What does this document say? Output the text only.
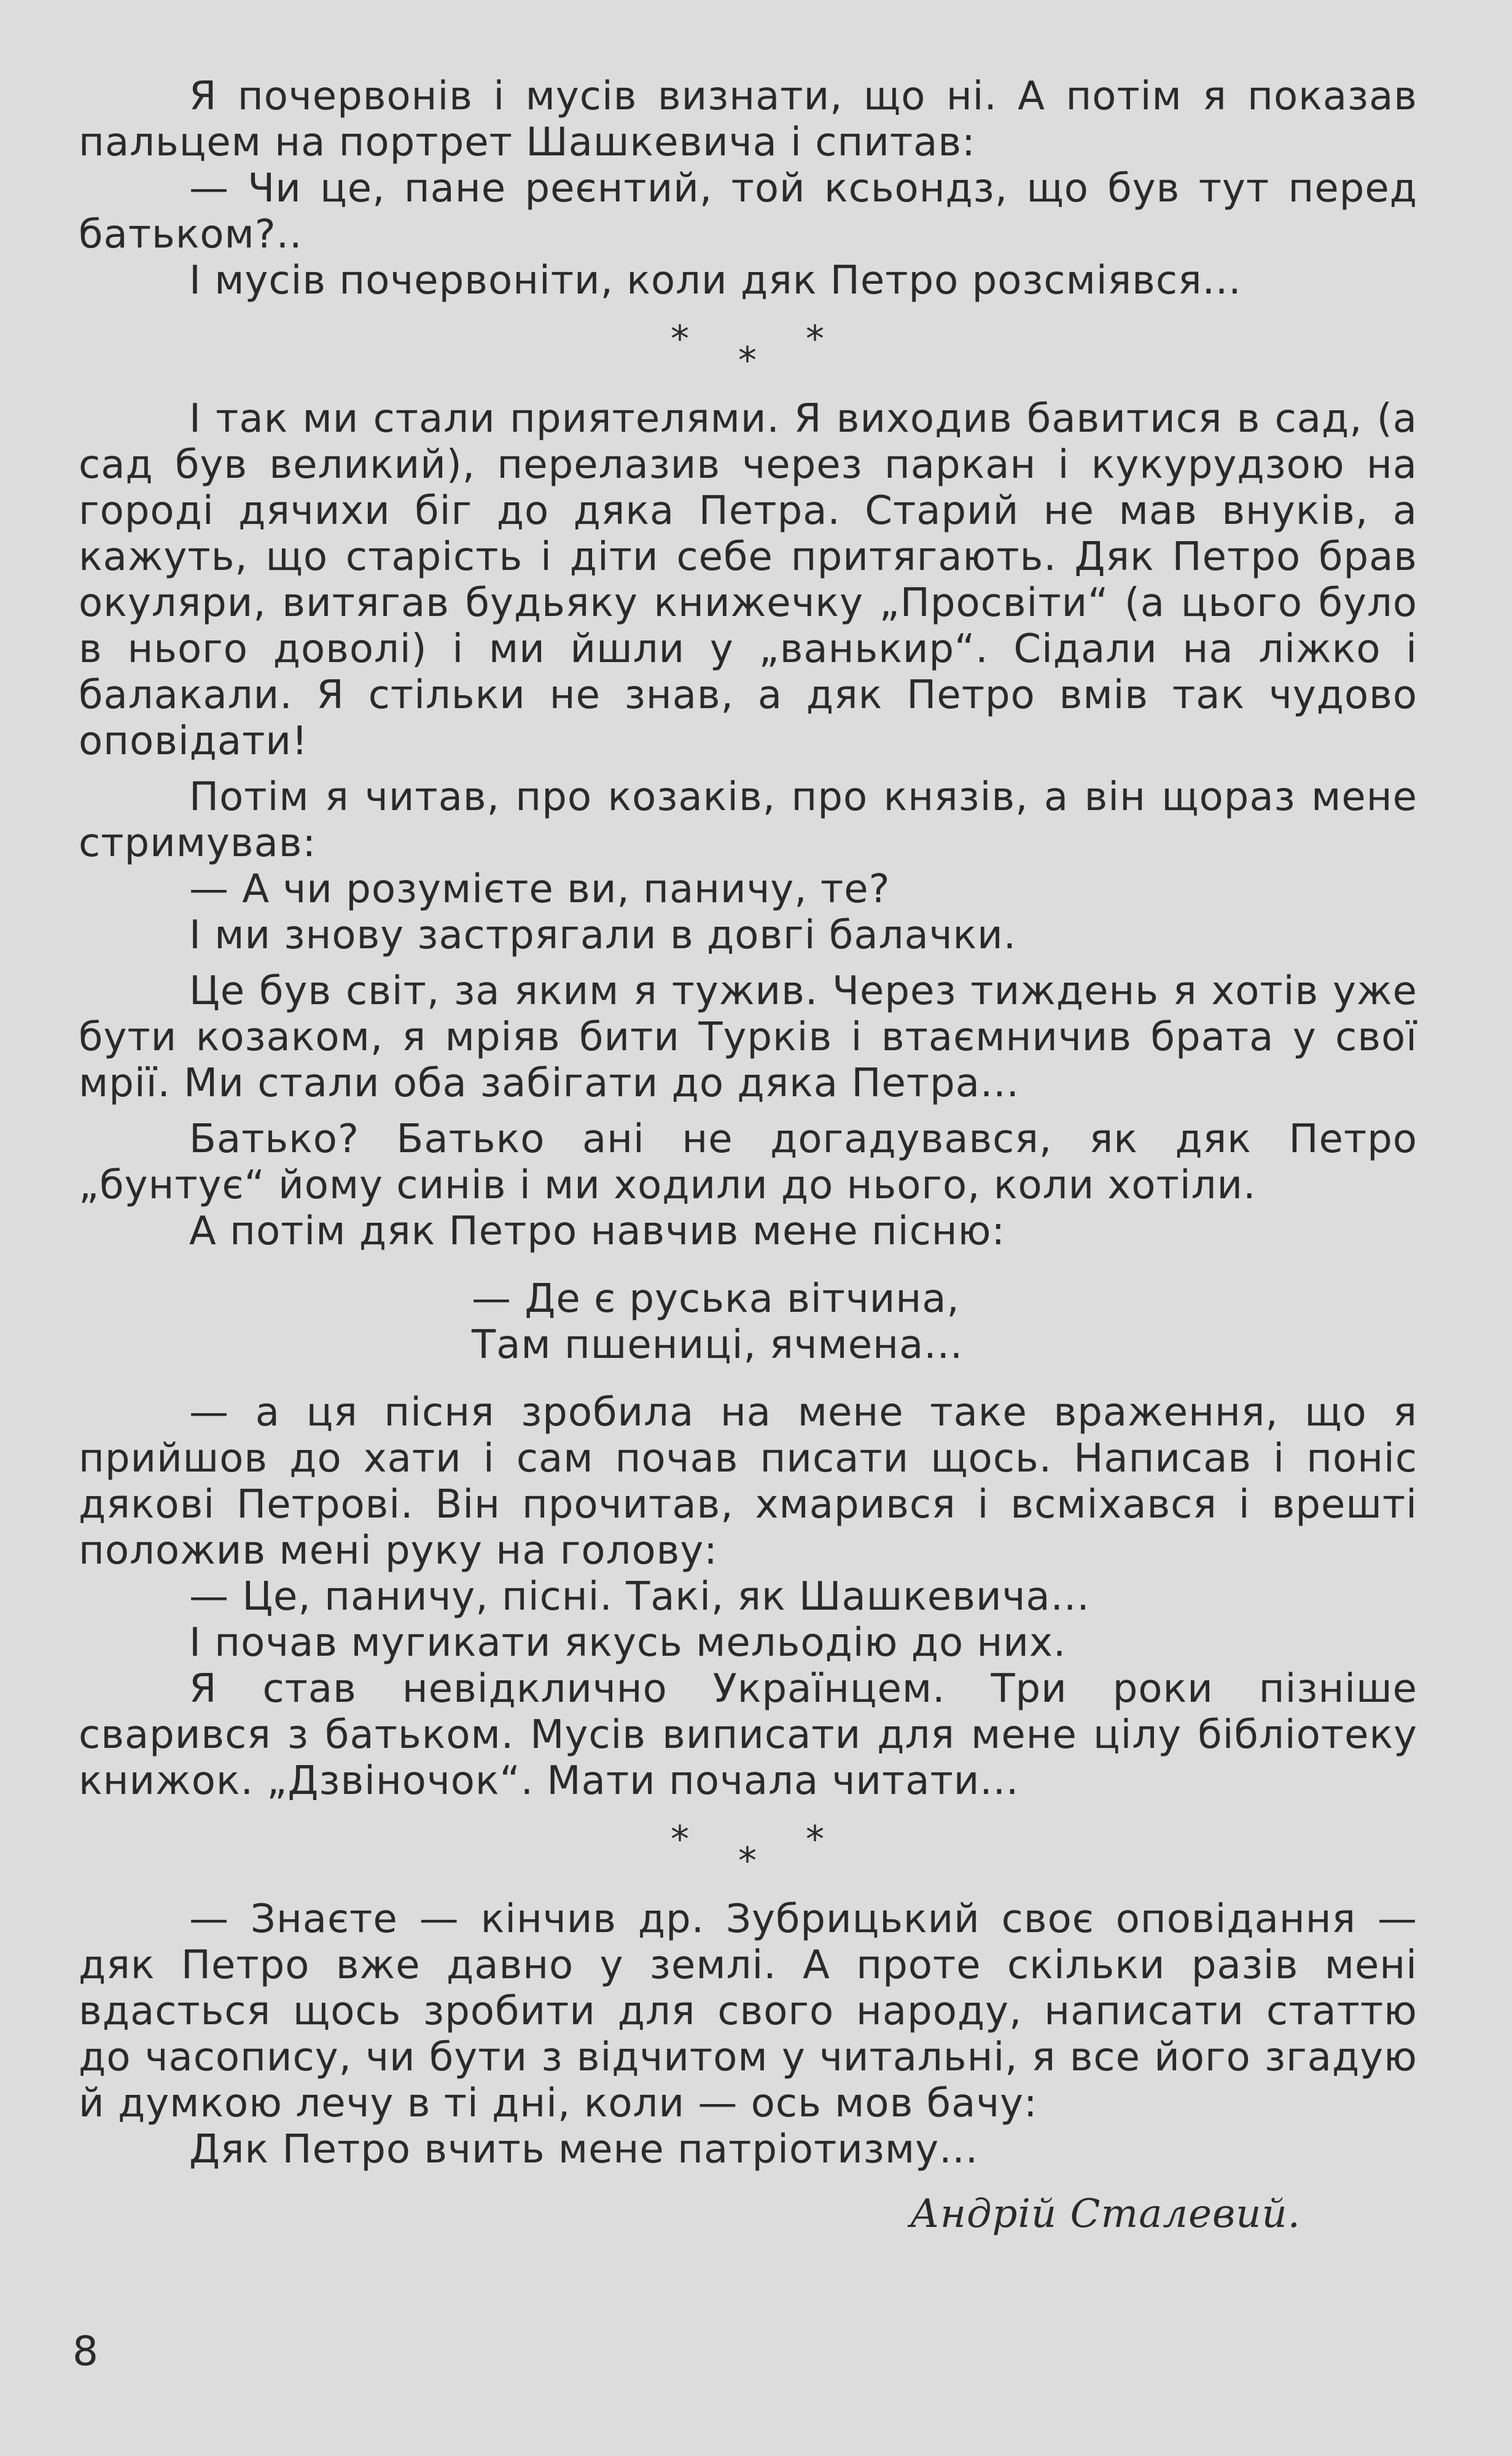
Я почервонів і мусів визнати, що ні. А потім я показав пальцем на портрет Шашкевича і спитав:

— Чи це, пане реєнтий, той ксьондз, що був тут перед батьком?..

І мусів почервоніти, коли дяк Петро розсміявся...

* * *

І так ми стали приятелями. Я виходив бавитися в сад, (а сад був великий), перелазив через паркан і кукурудзою на городі дячихи біг до дяка Петра. Старий не мав внуків, а кажуть, що старість і діти себе притягають. Дяк Петро брав окуляри, витягав будьяку книжечку „Просвіти“ (а цього було в нього доволі) і ми йшли у „ванькир“. Сідали на ліжко і балакали. Я стільки не знав, а дяк Петро вмів так чудово оповідати!

Потім я читав, про козаків, про князів, а він щораз мене стримував:

— А чи розумієте ви, паничу, те?

І ми знову застрягали в довгі балачки.

Це був світ, за яким я тужив. Через тиждень я хотів уже бути козаком, я мріяв бити Турків і втаємничив брата у свої мрії. Ми стали оба забігати до дяка Петра...

Батько? Батько ані не догадувався, як дяк Петро „бунтує“ йому синів і ми ходили до нього, коли хотіли.

А потім дяк Петро навчив мене пісню:

— Де є руська вітчина,
Там пшениці, ячмена...

— а ця пісня зробила на мене таке враження, що я прийшов до хати і сам почав писати щось. Написав і поніс дякові Петрові. Він прочитав, хмарився і всміхався і врешті положив мені руку на голову:

— Це, паничу, пісні. Такі, як Шашкевича...

І почав мугикати якусь мельодію до них.

Я став невідклично Українцем. Три роки пізніше сварився з батьком. Мусів виписати для мене цілу бібліотеку книжок. „Дзвіночок“. Мати почала читати...

* * *

— Знаєте — кінчив др. Зубрицький своє оповідання — дяк Петро вже давно у землі. А проте скільки разів мені вдасться щось зробити для свого народу, написати статтю до часопису, чи бути з відчитом у читальні, я все його згадую й думкою лечу в ті дні, коли — ось мов бачу:

Дяк Петро вчить мене патріотизму...

Андрій Сталевий.
8
